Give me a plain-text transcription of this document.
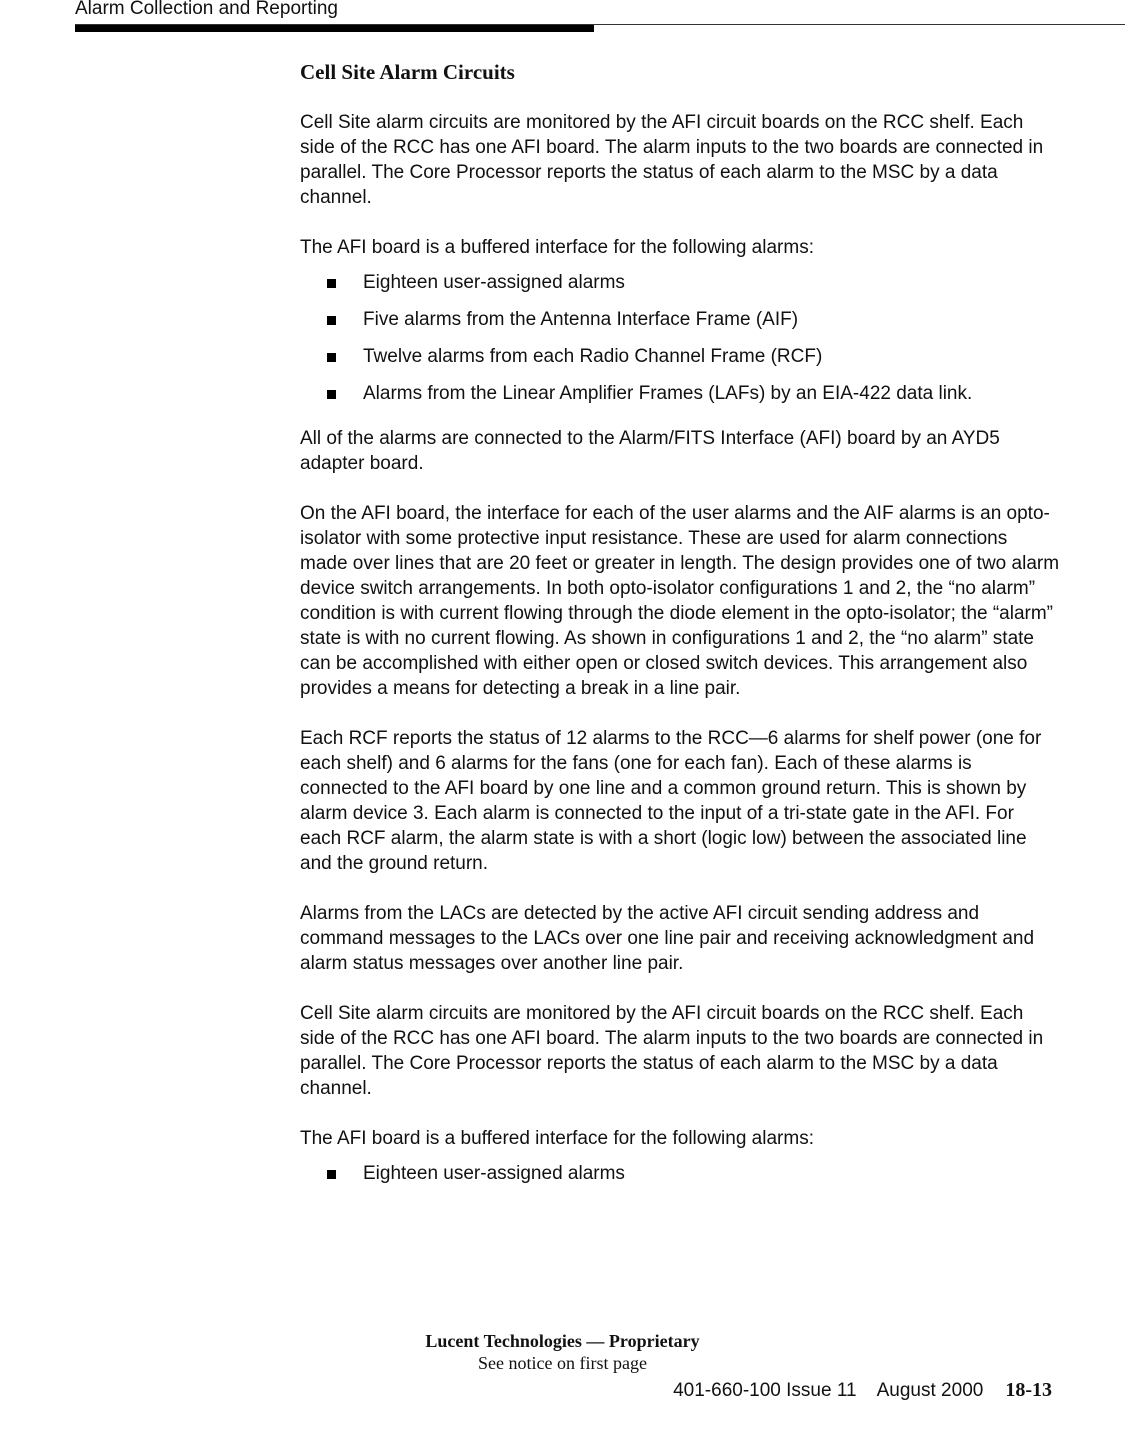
Alarm Collection and Reporting
Cell Site Alarm Circuits

Cell Site alarm circuits are monitored by the AFI circuit boards on the RCC shelf. Each side of the RCC has one AFI board. The alarm inputs to the two boards are connected in parallel. The Core Processor reports the status of each alarm to the MSC by a data channel.

The AFI board is a buffered interface for the following alarms:

Eighteen user-assigned alarms
Five alarms from the Antenna Interface Frame (AIF)
Twelve alarms from each Radio Channel Frame (RCF)
Alarms from the Linear Amplifier Frames (LAFs) by an EIA-422 data link.

All of the alarms are connected to the Alarm/FITS Interface (AFI) board by an AYD5 adapter board.

On the AFI board, the interface for each of the user alarms and the AIF alarms is an opto-isolator with some protective input resistance. These are used for alarm connections made over lines that are 20 feet or greater in length. The design provides one of two alarm device switch arrangements. In both opto-isolator configurations 1 and 2, the “no alarm” condition is with current flowing through the diode element in the opto-isolator; the “alarm” state is with no current flowing. As shown in configurations 1 and 2, the “no alarm” state can be accomplished with either open or closed switch devices. This arrangement also provides a means for detecting a break in a line pair.

Each RCF reports the status of 12 alarms to the RCC—6 alarms for shelf power (one for each shelf) and 6 alarms for the fans (one for each fan). Each of these alarms is connected to the AFI board by one line and a common ground return. This is shown by alarm device 3. Each alarm is connected to the input of a tri-state gate in the AFI. For each RCF alarm, the alarm state is with a short (logic low) between the associated line and the ground return.

Alarms from the LACs are detected by the active AFI circuit sending address and command messages to the LACs over one line pair and receiving acknowledgment and alarm status messages over another line pair.

Cell Site alarm circuits are monitored by the AFI circuit boards on the RCC shelf. Each side of the RCC has one AFI board. The alarm inputs to the two boards are connected in parallel. The Core Processor reports the status of each alarm to the MSC by a data channel.

The AFI board is a buffered interface for the following alarms:

Eighteen user-assigned alarms
Lucent Technologies — Proprietary
See notice on first page
401-660-100 Issue 11    August 2000 18-13
